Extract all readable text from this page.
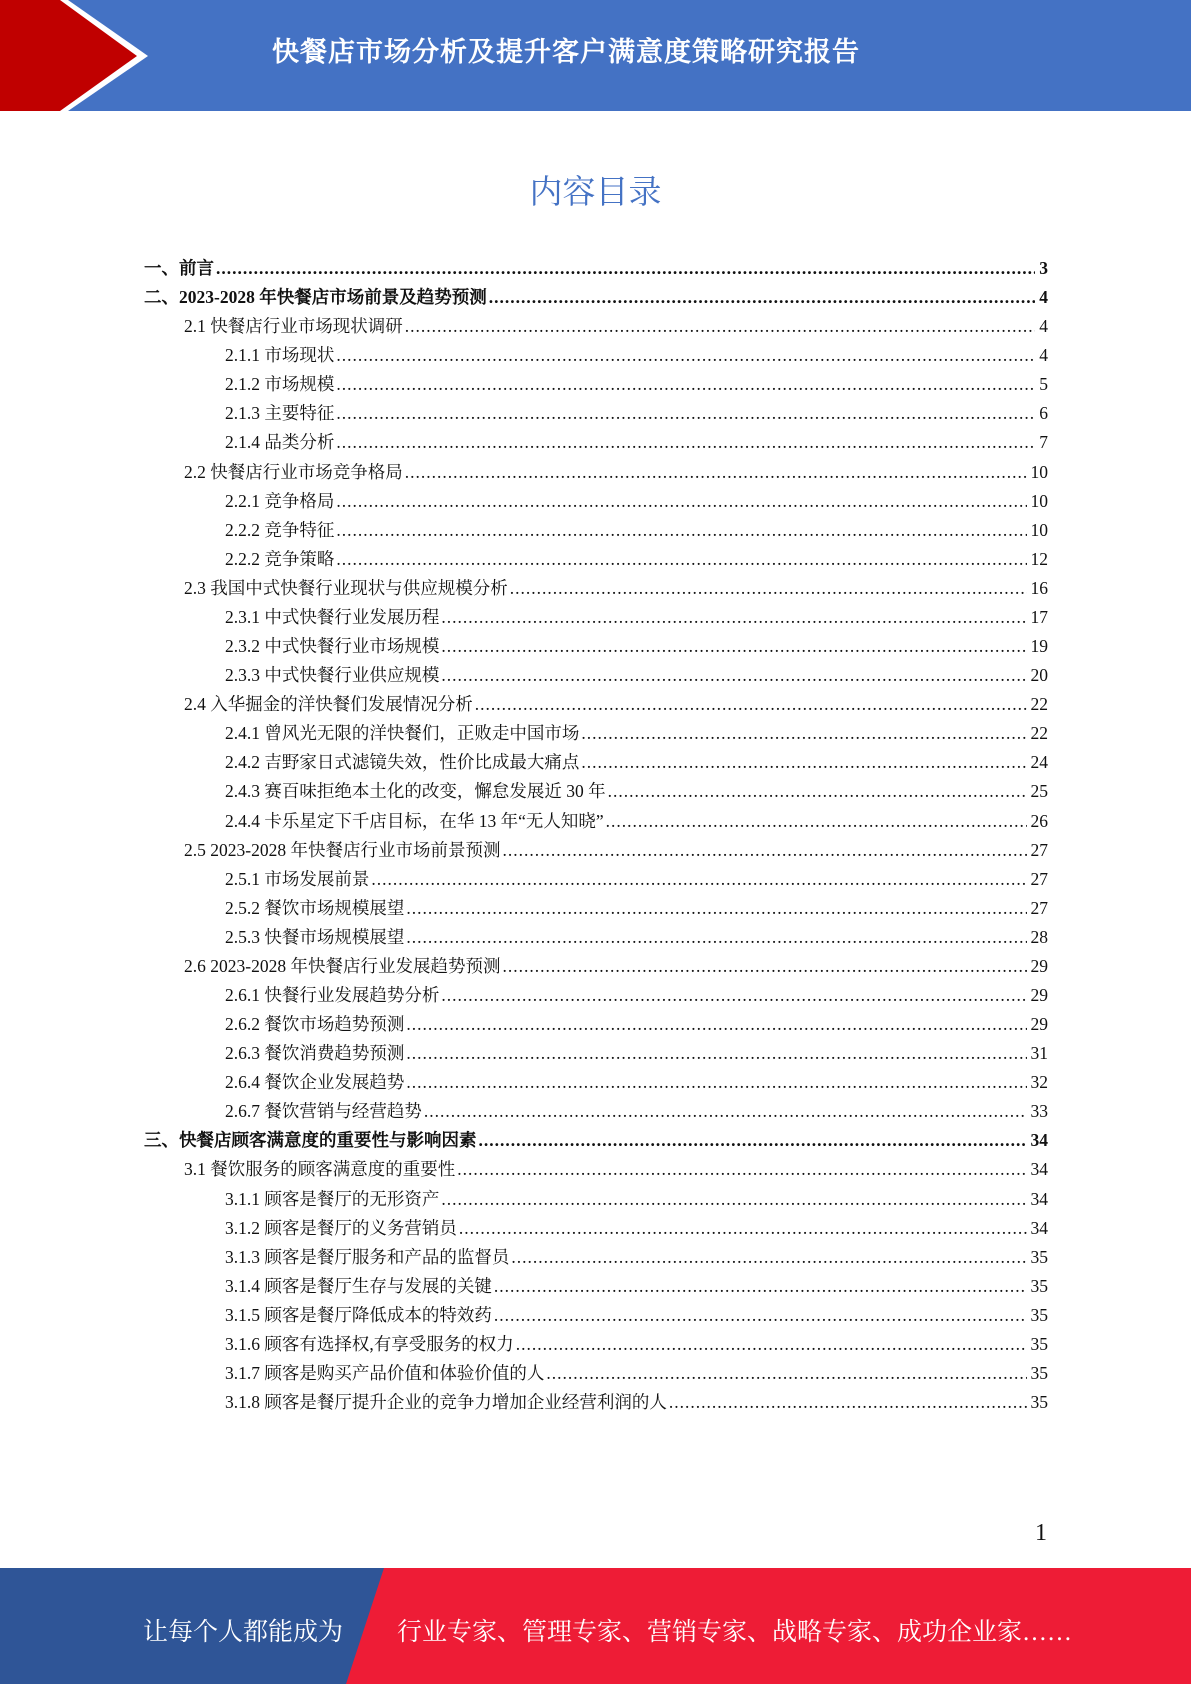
快餐店市场分析及提升客户满意度策略研究报告
内容目录
一、前言 .....	3
二、2023-2028 年快餐店市场前景及趋势预测 .....	4
2.1 快餐店行业市场现状调研 .....	4
2.1.1 市场现状 .....	4
2.1.2 市场规模 .....	5
2.1.3 主要特征 .....	6
2.1.4 品类分析 .....	7
2.2 快餐店行业市场竞争格局 .....	10
2.2.1 竞争格局 .....	10
2.2.2 竞争特征 .....	10
2.2.2 竞争策略 .....	12
2.3 我国中式快餐行业现状与供应规模分析 .....	16
2.3.1 中式快餐行业发展历程 .....	17
2.3.2 中式快餐行业市场规模 .....	19
2.3.3 中式快餐行业供应规模 .....	20
2.4 入华掘金的洋快餐们发展情况分析 .....	22
2.4.1 曾风光无限的洋快餐们，正败走中国市场 .....	22
2.4.2 吉野家日式滤镜失效，性价比成最大痛点 .....	24
2.4.3 赛百味拒绝本土化的改变，懈怠发展近 30 年 .....	25
2.4.4 卡乐星定下千店目标，在华 13 年“无人知晓” .....	26
2.5 2023-2028 年快餐店行业市场前景预测 .....	27
2.5.1 市场发展前景 .....	27
2.5.2 餐饮市场规模展望 .....	27
2.5.3 快餐市场规模展望 .....	28
2.6 2023-2028 年快餐店行业发展趋势预测 .....	29
2.6.1 快餐行业发展趋势分析 .....	29
2.6.2 餐饮市场趋势预测 .....	29
2.6.3 餐饮消费趋势预测 .....	31
2.6.4 餐饮企业发展趋势 .....	32
2.6.7 餐饮营销与经营趋势 .....	33
三、快餐店顾客满意度的重要性与影响因素 .....	34
3.1 餐饮服务的顾客满意度的重要性 .....	34
3.1.1 顾客是餐厅的无形资产 .....	34
3.1.2 顾客是餐厅的义务营销员 .....	34
3.1.3 顾客是餐厅服务和产品的监督员 .....	35
3.1.4 顾客是餐厅生存与发展的关键 .....	35
3.1.5 顾客是餐厅降低成本的特效药 .....	35
3.1.6 顾客有选择权,有享受服务的权力 .....	35
3.1.7 顾客是购买产品价值和体验价值的人 .....	35
3.1.8 顾客是餐厅提升企业的竞争力增加企业经营利润的人 .....	35
1
让每个人都能成为 行业专家、管理专家、营销专家、战略专家、成功企业家……
